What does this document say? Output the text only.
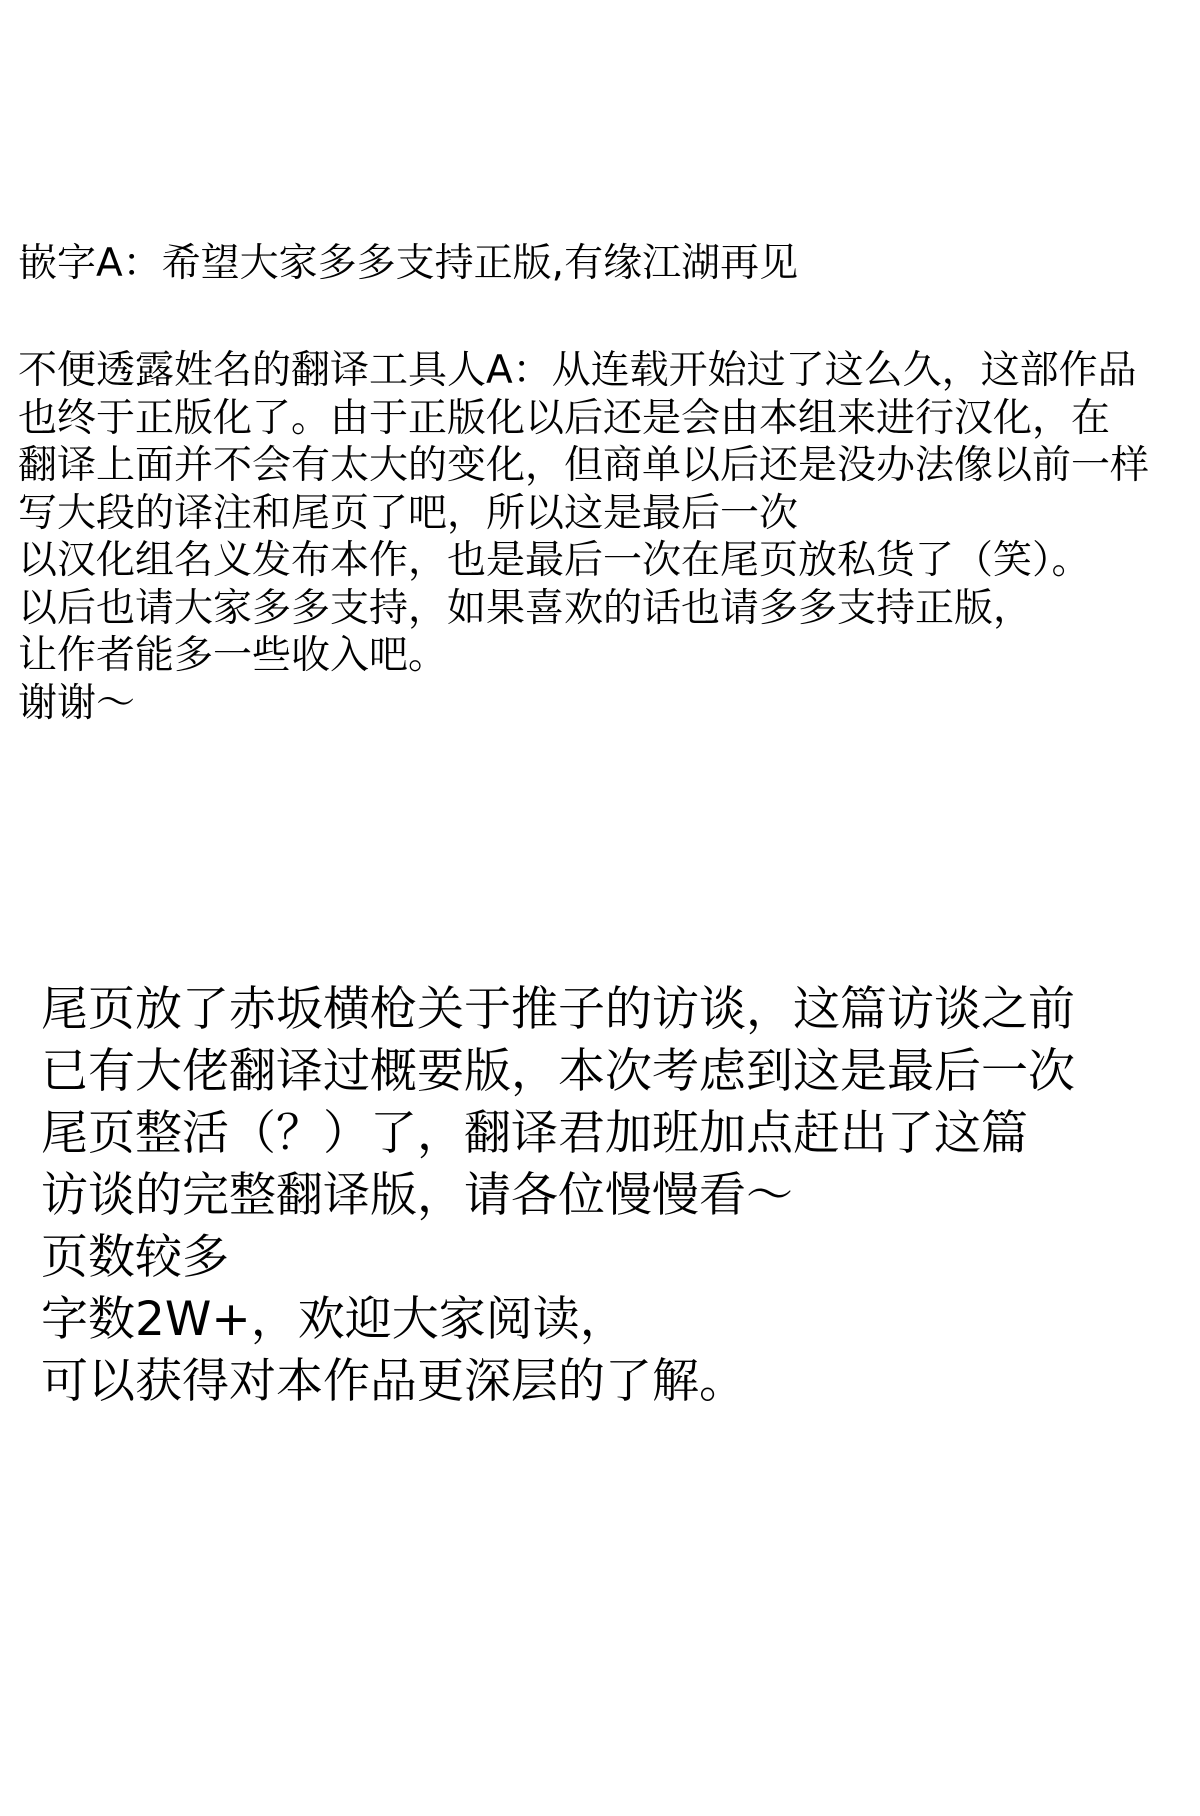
嵌字A：希望大家多多支持正版,有缘江湖再见
不便透露姓名的翻译工具人A：从连载开始过了这么久，这部作品
也终于正版化了。由于正版化以后还是会由本组来进行汉化，在
翻译上面并不会有太大的变化，但商单以后还是没办法像以前一样
写大段的译注和尾页了吧，所以这是最后一次
以汉化组名义发布本作，也是最后一次在尾页放私货了（笑）。
以后也请大家多多支持，如果喜欢的话也请多多支持正版，
让作者能多一些收入吧。
谢谢～
尾页放了赤坂横枪关于推子的访谈，这篇访谈之前
已有大佬翻译过概要版，本次考虑到这是最后一次
尾页整活（？）了，翻译君加班加点赶出了这篇
访谈的完整翻译版，请各位慢慢看～
页数较多
字数2W+，欢迎大家阅读，
可以获得对本作品更深层的了解。
